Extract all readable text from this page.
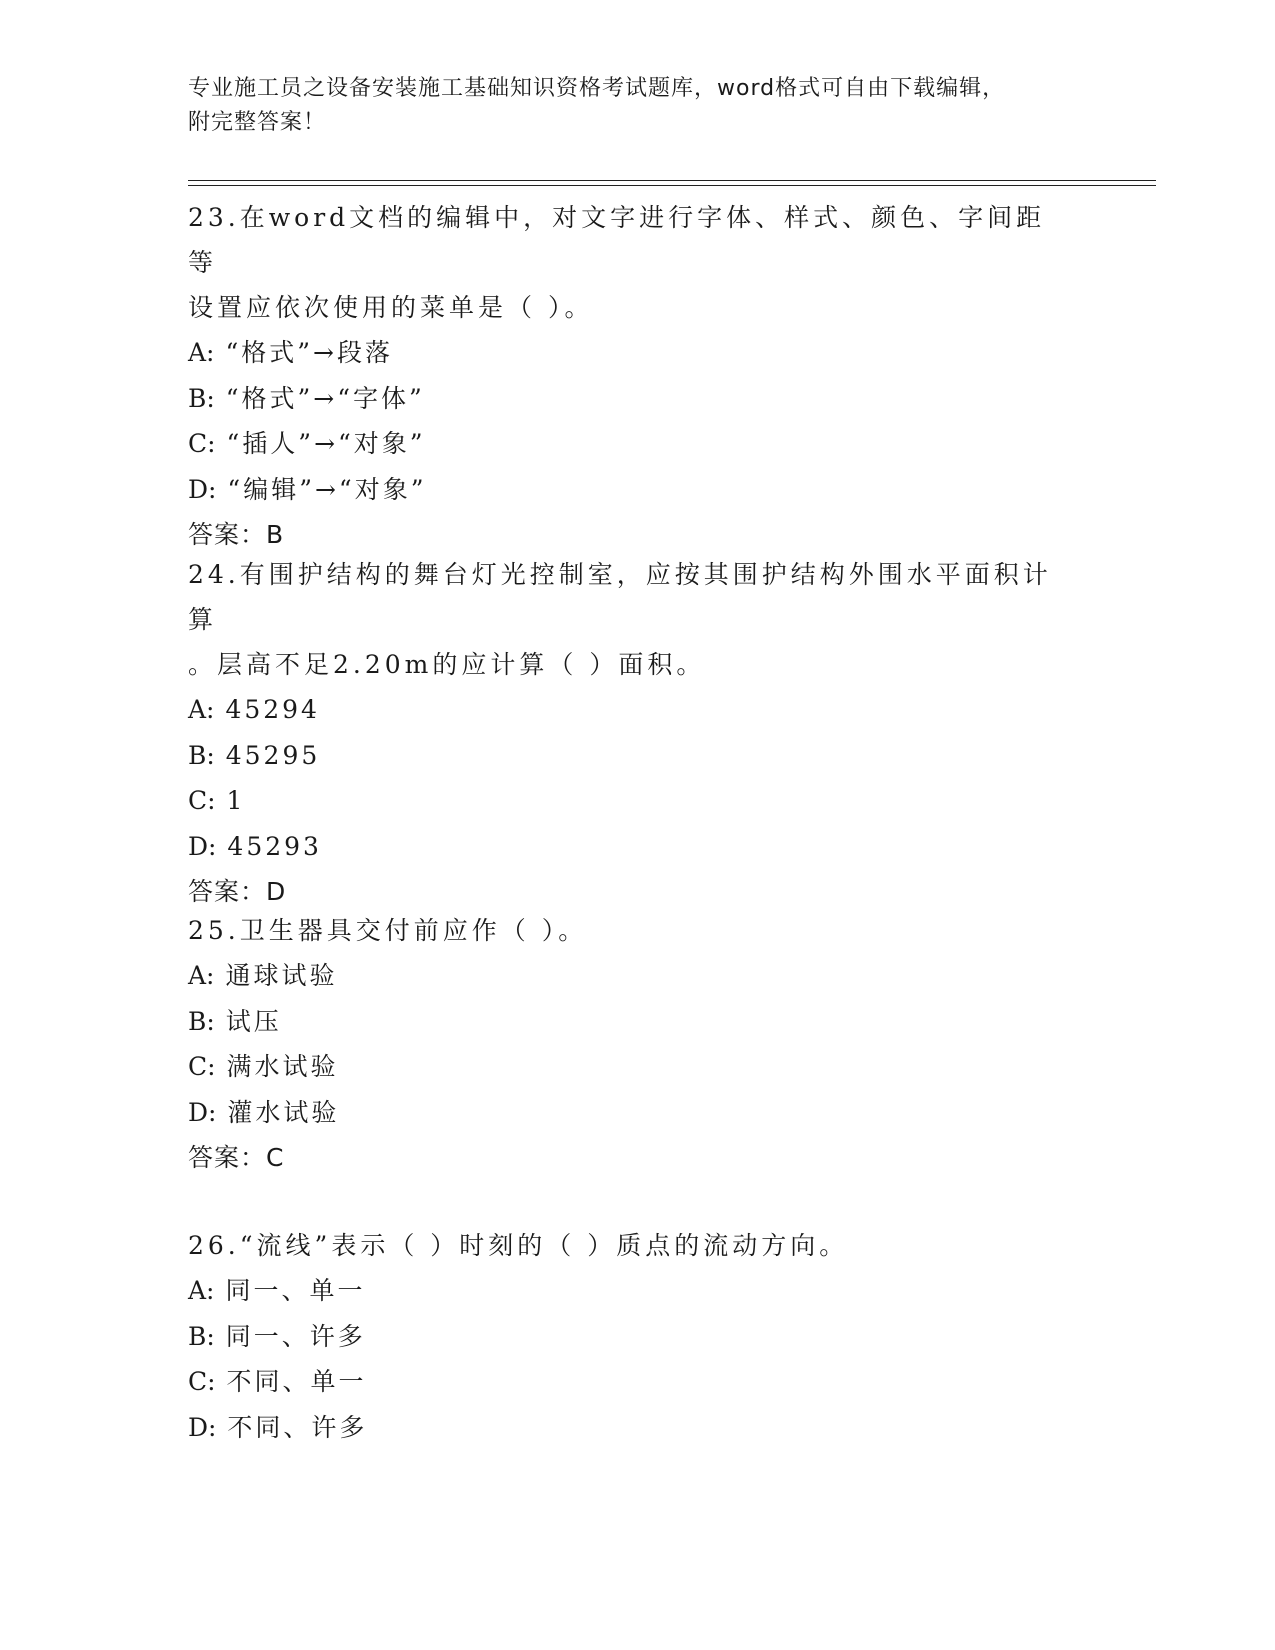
专业施工员之设备安装施工基础知识资格考试题库，word格式可自由下载编辑，
附完整答案！
23.在word文档的编辑中，对文字进行字体、样式、颜色、字间距等
设置应依次使用的菜单是（ ）。
A: “格式”→段落
B: “格式”→“字体”
C: “插人”→“对象”
D: “编辑”→“对象”
答案：B
24.有围护结构的舞台灯光控制室，应按其围护结构外围水平面积计算
。层高不足2.20m的应计算（ ）面积。
A: 45294
B: 45295
C: 1
D: 45293
答案：D
25.卫生器具交付前应作（ ）。
A: 通球试验
B: 试压
C: 满水试验
D: 灌水试验
答案：C
26.“流线”表示（ ）时刻的（ ）质点的流动方向。
A: 同一、单一
B: 同一、许多
C: 不同、单一
D: 不同、许多
